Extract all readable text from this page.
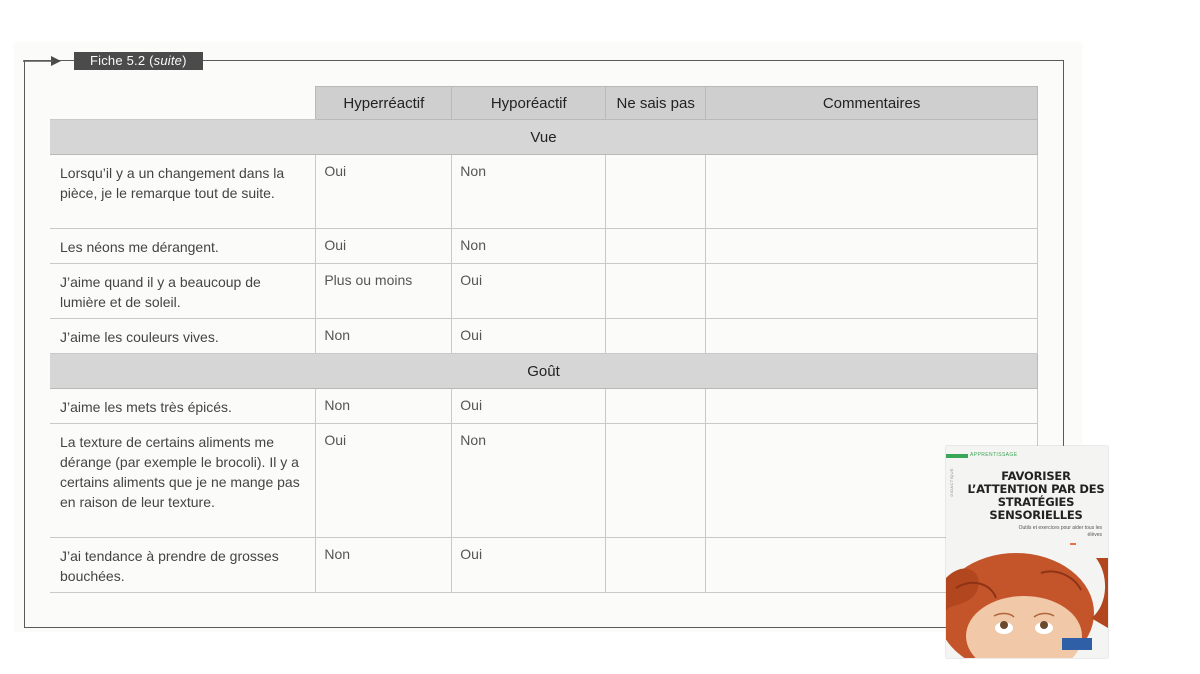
Fiche 5.2 (suite)
	Hyperréactif	Hyporéactif	Ne sais pas	Commentaires
Vue				
Lorsqu’il y a un changement dans la pièce, je le remarque tout de suite.	Oui	Non		
Les néons me dérangent.	Oui	Non		
J’aime quand il y a beaucoup de lumière et de soleil.	Plus ou moins	Oui		
J’aime les couleurs vives.	Non	Oui		
Goût				
J’aime les mets très épicés.	Non	Oui		
La texture de certains aliments me dérange (par exemple le brocoli). Il y a certains aliments que je ne mange pas en raison de leur texture.	Oui	Non		
J’ai tendance à prendre de grosses bouchées.	Non	Oui		
APPRENTISSAGE
DIDACTIQUE	FAVORISER L’ATTENTION PAR DES STRATÉGIES SENSORIELLES
Outils et exercices pour aider tous les élèves
